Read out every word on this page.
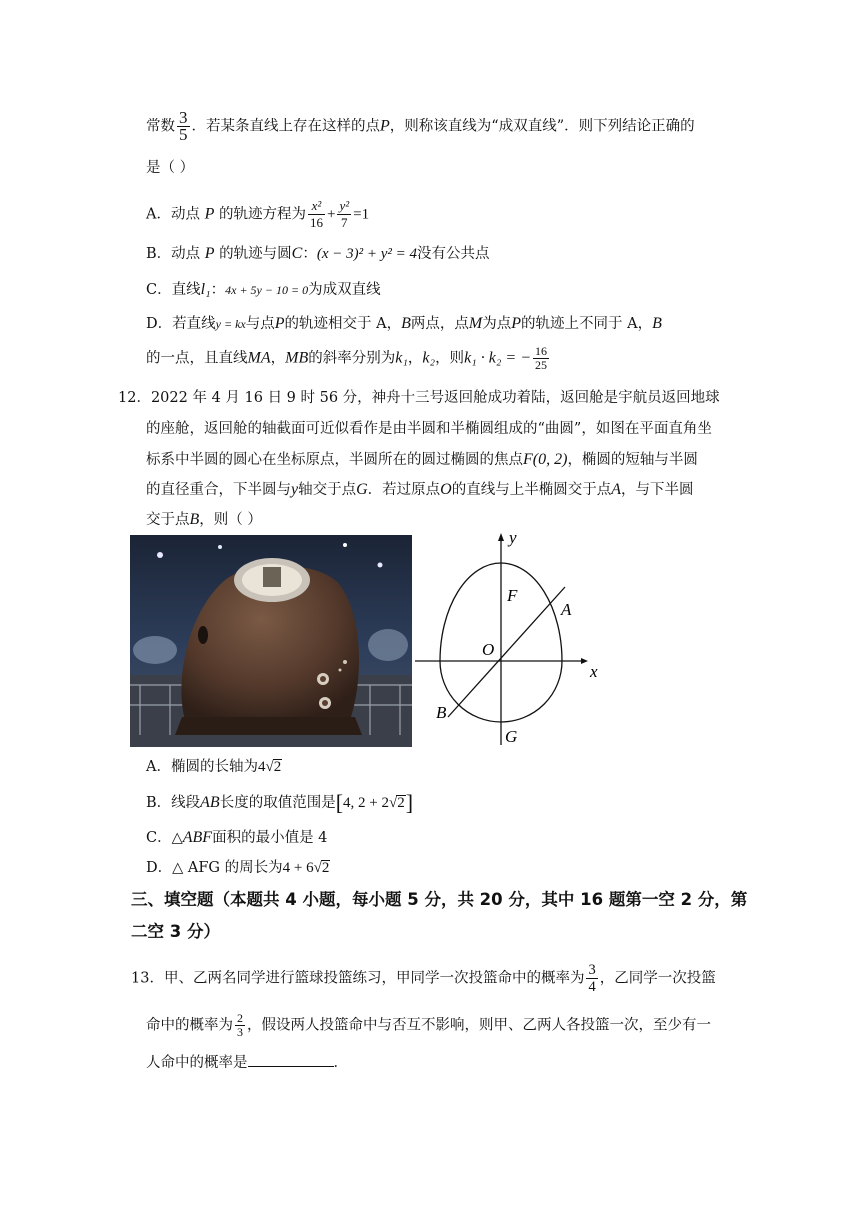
常数 $\frac{3}{5}$ ．若某条直线上存在这样的点P，则称该直线为“成双直线”．则下列结论正确的
是（ ）
A．动点 P 的轨迹方程为 $\frac{\text{x²}}{16} + \frac{\text{y²}}{7} =1$
B．动点 P 的轨迹与圆C：(x − 3)² + y² = 4没有公共点
C．直线l₁：4x + 5y − 10 = 0为成双直线
D．若直线y = kx与点P的轨迹相交于 A，B两点，点M为点P的轨迹上不同于 A，B
的一点，且直线MA，MB的斜率分别为k₁，k₂，则k₁ · k₂ = − $\frac{16}{25}$
12．2022 年 4 月 16 日 9 时 56 分，神舟十三号返回舱成功着陆，返回舱是宇航员返回地球
的座舱，返回舱的轴截面可近似看作是由半圆和半椭圆组成的“曲圆”，如图在平面直角坐
标系中半圆的圆心在坐标原点，半圆所在的圆过椭圆的焦点F(0, 2)，椭圆的短轴与半圆
的直径重合，下半圆与y轴交于点G．若过原点O的直线与上半椭圆交于点A，与下半圆
交于点B，则（ ）
y
x
F
A
O
B
G
A．椭圆的长轴为4√2
B．线段AB长度的取值范围是[4, 2 + 2√2]
C．△ABF面积的最小值是 4
D．△ AFG 的周长为4 + 6√2
三、填空题（本题共 4 小题，每小题 5 分，共 20 分，其中 16 题第一空 2 分，第
二空 3 分）
13．甲、乙两名同学进行篮球投篮练习，甲同学一次投篮命中的概率为 $\frac{3}{4}$ ，乙同学一次投篮
命中的概率为 $\frac{2}{3}$ ，假设两人投篮命中与否互不影响，则甲、乙两人各投篮一次，至少有一
人命中的概率是	．
